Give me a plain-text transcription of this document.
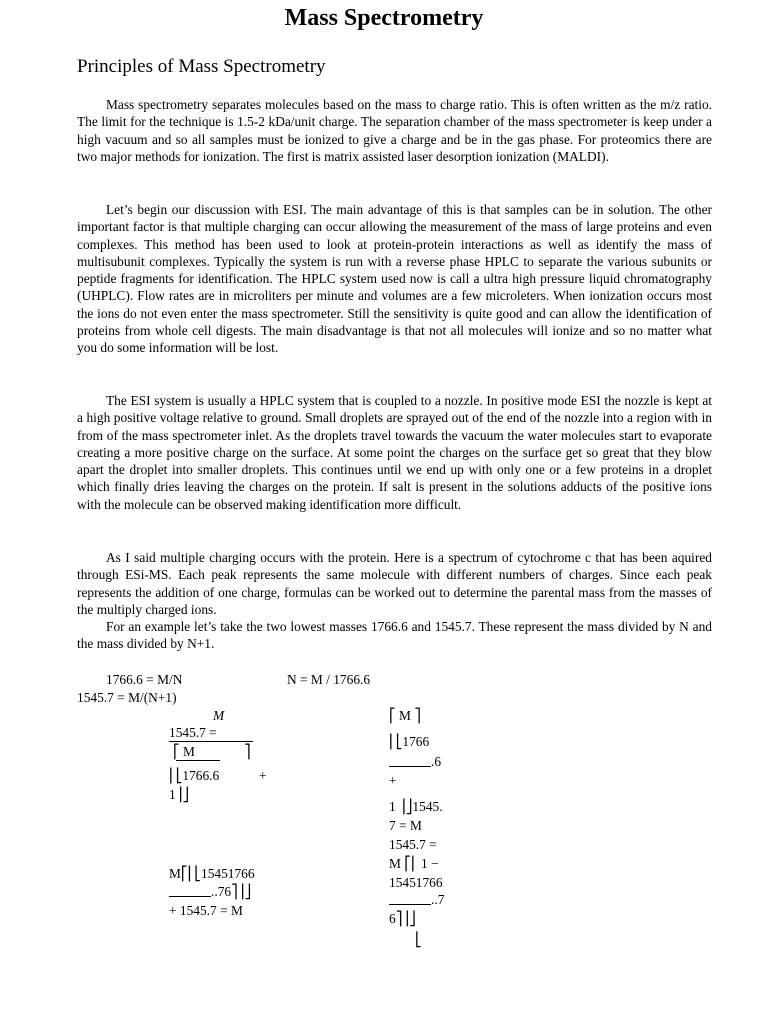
Mass Spectrometry
Principles of Mass Spectrometry

Mass spectrometry separates molecules based on the mass to charge ratio. This is often written as the m/z ratio. The limit for the technique is 1.5-2 kDa/unit charge. The separation chamber of the mass spectrometer is keep under a high vacuum and so all samples must be ionized to give a charge and be in the gas phase. For proteomics there are two major methods for ionization. The first is matrix assisted laser desorption ionization (MALDI).

Let’s begin our discussion with ESI. The main advantage of this is that samples can be in solution. The other important factor is that multiple charging can occur allowing the measurement of the mass of large proteins and even complexes. This method has been used to look at protein-protein interactions as well as identify the mass of multisubunit complexes. Typically the system is run with a reverse phase HPLC to separate the various subunits or peptide fragments for identification. The HPLC system used now is call a ultra high pressure liquid chromatography (UHPLC). Flow rates are in microliters per minute and volumes are a few microleters. When ionization occurs most the ions do not even enter the mass spectrometer. Still the sensitivity is quite good and can allow the identification of proteins from whole cell digests. The main disadvantage is that not all molecules will ionize and so no matter what you do some information will be lost.

The ESI system is usually a HPLC system that is coupled to a nozzle. In positive mode ESI the nozzle is kept at a high positive voltage relative to ground. Small droplets are sprayed out of the end of the nozzle into a region with in from of the mass spectrometer inlet. As the droplets travel towards the vacuum the water molecules start to evaporate creating a more positive charge on the surface. At some point the charges on the surface get so great that they blow apart the droplet into smaller droplets. This continues until we end up with only one or a few proteins in a droplet which finally dries leaving the charges on the protein. If salt is present in the solutions adducts of the positive ions with the molecule can be observed making identification more difficult.

As I said multiple charging occurs with the protein. Here is a spectrum of cytochrome c that has been aquired through ESi-MS. Each peak represents the same molecule with different numbers of charges. Since each peak represents the addition of one charge, formulas can be worked out to determine the parental mass from the masses of the multiply charged ions.

For an example let’s take the two lowest masses 1766.6 and 1545.7. These represent the mass divided by N and the mass divided by N+1.

1766.6 = M/N	N = M / 1766.6
1545.7 = M/(N+1)
M
1545.7 =
⎡ M	⎤
⎢⎣1766.6	+
1⎥⎦
M⎡⎢⎣15451766
..76⎤⎥⎦
+ 1545.7 = M
⎡ M ⎤
⎢⎣1766
.6
+
1 ⎥⎦1545.
7 = M
1545.7 =
M ⎡⎢ 1 −
15451766
..7
6⎤⎥⎦
⎣
